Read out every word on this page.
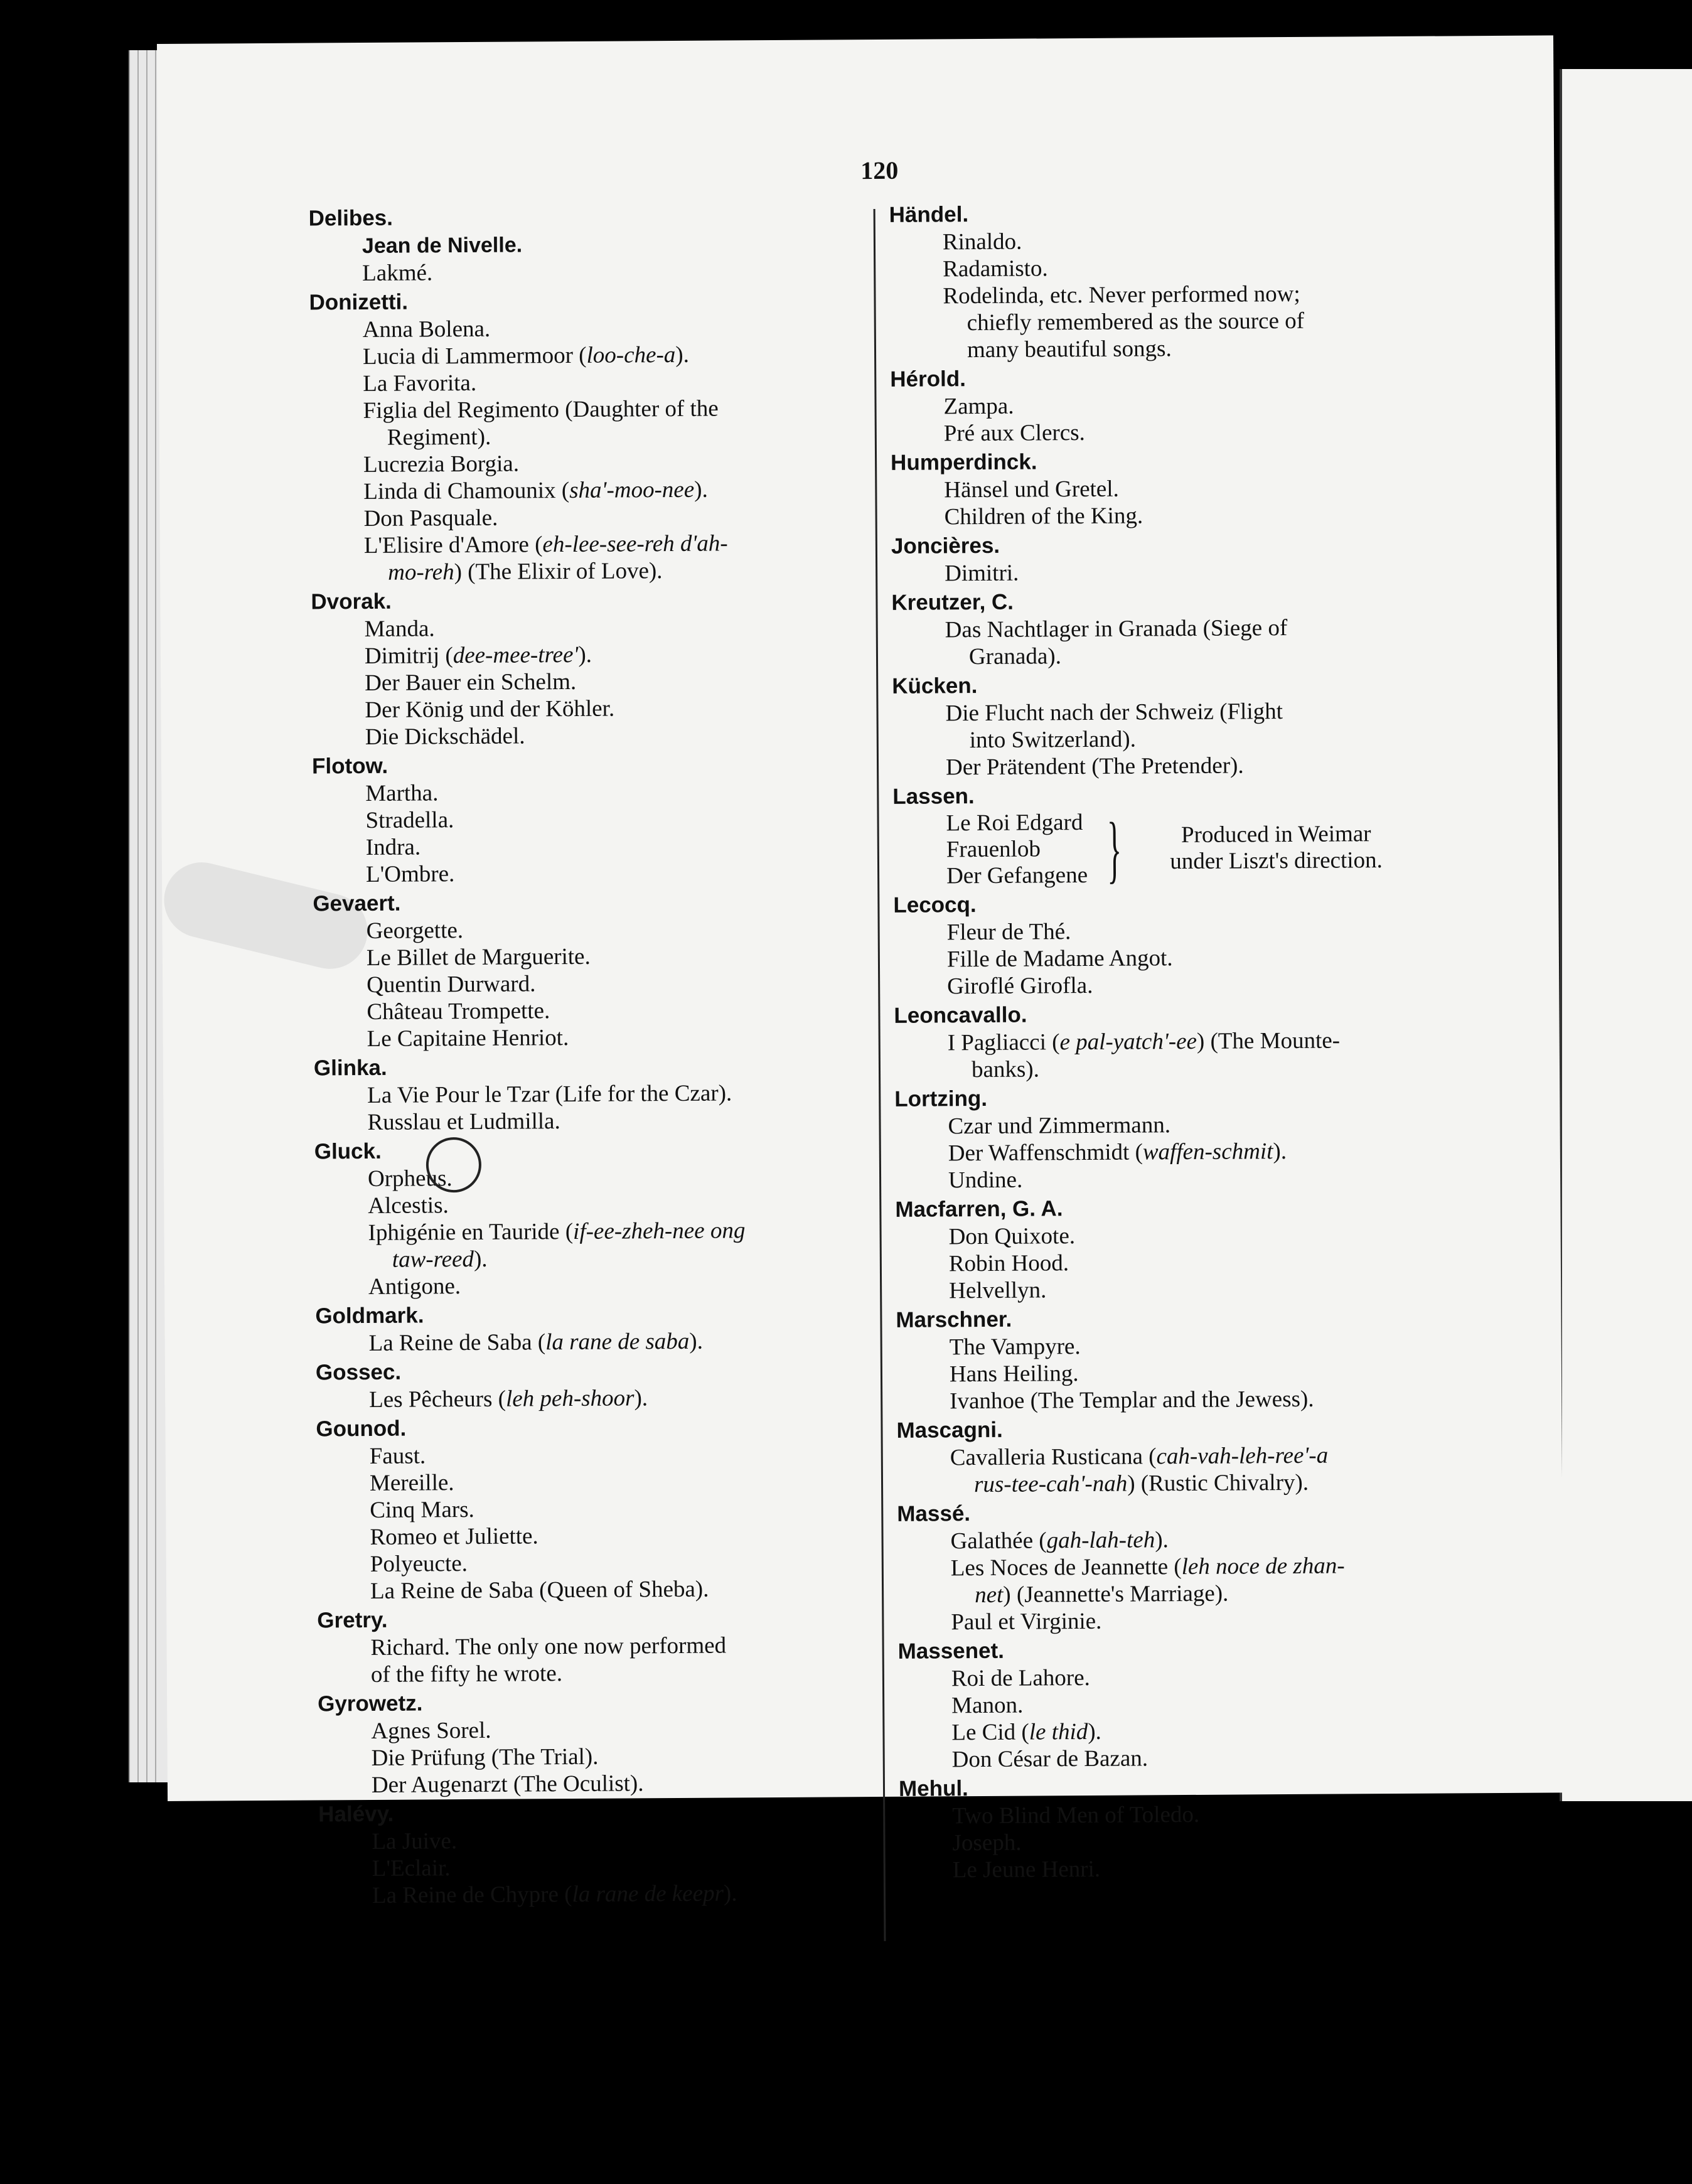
120
Delibes.
Jean de Nivelle.
Lakmé.
Donizetti.
Anna Bolena.
Lucia di Lammermoor (loo-che-a).
La Favorita.
Figlia del Regimento (Daughter of the
Regiment).
Lucrezia Borgia.
Linda di Chamounix (sha'-moo-nee).
Don Pasquale.
L'Elisire d'Amore (eh-lee-see-reh d'ah-
mo-reh) (The Elixir of Love).
Dvorak.
Manda.
Dimitrij (dee-mee-tree').
Der Bauer ein Schelm.
Der König und der Köhler.
Die Dickschädel.
Flotow.
Martha.
Stradella.
Indra.
L'Ombre.
Gevaert.
Georgette.
Le Billet de Marguerite.
Quentin Durward.
Château Trompette.
Le Capitaine Henriot.
Glinka.
La Vie Pour le Tzar (Life for the Czar).
Russlau et Ludmilla.
Gluck.
Orpheus.
Alcestis.
Iphigénie en Tauride (if-ee-zheh-nee ong
taw-reed).
Antigone.
Goldmark.
La Reine de Saba (la rane de saba).
Gossec.
Les Pêcheurs (leh peh-shoor).
Gounod.
Faust.
Mereille.
Cinq Mars.
Romeo et Juliette.
Polyeucte.
La Reine de Saba (Queen of Sheba).
Gretry.
Richard. The only one now performed
of the fifty he wrote.
Gyrowetz.
Agnes Sorel.
Die Prüfung (The Trial).
Der Augenarzt (The Oculist).
Halévy.
La Juive.
L'Eclair.
La Reine de Chypre (la rane de keepr).
Händel.
Rinaldo.
Radamisto.
Rodelinda, etc. Never performed now;
chiefly remembered as the source of
many beautiful songs.
Hérold.
Zampa.
Pré aux Clercs.
Humperdinck.
Hänsel und Gretel.
Children of the King.
Joncières.
Dimitri.
Kreutzer, C.
Das Nachtlager in Granada (Siege of
Granada).
Kücken.
Die Flucht nach der Schweiz (Flight
into Switzerland).
Der Prätendent (The Pretender).
Lassen.
Le Roi Edgard
Frauenlob
Der Gefangene }	Produced in Weimar
under Liszt's direction.
Lecocq.
Fleur de Thé.
Fille de Madame Angot.
Giroflé Girofla.
Leoncavallo.
I Pagliacci (e pal-yatch'-ee) (The Mounte-
banks).
Lortzing.
Czar und Zimmermann.
Der Waffenschmidt (waffen-schmit).
Undine.
Macfarren, G. A.
Don Quixote.
Robin Hood.
Helvellyn.
Marschner.
The Vampyre.
Hans Heiling.
Ivanhoe (The Templar and the Jewess).
Mascagni.
Cavalleria Rusticana (cah-vah-leh-ree'-a
rus-tee-cah'-nah) (Rustic Chivalry).
Massé.
Galathée (gah-lah-teh).
Les Noces de Jeannette (leh noce de zhan-
net) (Jeannette's Marriage).
Paul et Virginie.
Massenet.
Roi de Lahore.
Manon.
Le Cid (le thid).
Don César de Bazan.
Mehul.
Two Blind Men of Toledo.
Joseph.
Le Jeune Henri.
